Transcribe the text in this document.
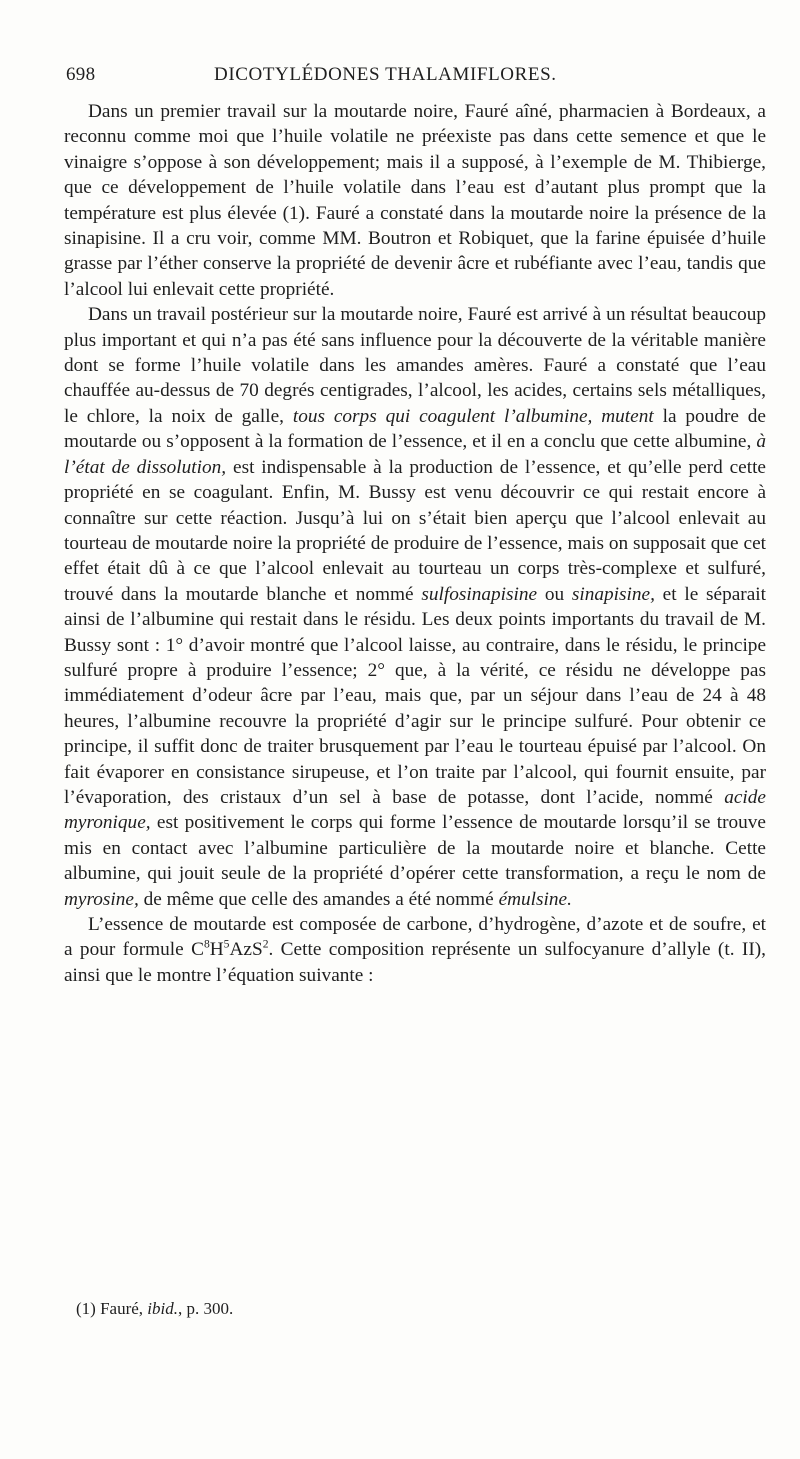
698	DICOTYLÉDONES THALAMIFLORES.

Dans un premier travail sur la moutarde noire, Fauré aîné, pharmacien à Bordeaux, a reconnu comme moi que l’huile volatile ne préexiste pas dans cette semence et que le vinaigre s’oppose à son développement; mais il a supposé, à l’exemple de M. Thibierge, que ce développement de l’huile volatile dans l’eau est d’autant plus prompt que la température est plus élevée (1). Fauré a constaté dans la moutarde noire la présence de la sinapisine. Il a cru voir, comme MM. Boutron et Robiquet, que la farine épuisée d’huile grasse par l’éther conserve la propriété de devenir âcre et rubéfiante avec l’eau, tandis que l’alcool lui enlevait cette propriété.

Dans un travail postérieur sur la moutarde noire, Fauré est arrivé à un résultat beaucoup plus important et qui n’a pas été sans influence pour la découverte de la véritable manière dont se forme l’huile volatile dans les amandes amères. Fauré a constaté que l’eau chauffée au-dessus de 70 degrés centigrades, l’alcool, les acides, certains sels métalliques, le chlore, la noix de galle, tous corps qui coagulent l’albumine, mutent la poudre de moutarde ou s’opposent à la formation de l’essence, et il en a conclu que cette albumine, à l’état de dissolution, est indispensable à la production de l’essence, et qu’elle perd cette propriété en se coagulant. Enfin, M. Bussy est venu découvrir ce qui restait encore à connaître sur cette réaction. Jusqu’à lui on s’était bien aperçu que l’alcool enlevait au tourteau de moutarde noire la propriété de produire de l’essence, mais on supposait que cet effet était dû à ce que l’alcool enlevait au tourteau un corps très-complexe et sulfuré, trouvé dans la moutarde blanche et nommé sulfosinapisine ou sinapisine, et le séparait ainsi de l’albumine qui restait dans le résidu. Les deux points importants du travail de M. Bussy sont : 1° d’avoir montré que l’alcool laisse, au contraire, dans le résidu, le principe sulfuré propre à produire l’essence; 2° que, à la vérité, ce résidu ne développe pas immédiatement d’odeur âcre par l’eau, mais que, par un séjour dans l’eau de 24 à 48 heures, l’albumine recouvre la propriété d’agir sur le principe sulfuré. Pour obtenir ce principe, il suffit donc de traiter brusquement par l’eau le tourteau épuisé par l’alcool. On fait évaporer en consistance sirupeuse, et l’on traite par l’alcool, qui fournit ensuite, par l’évaporation, des cristaux d’un sel à base de potasse, dont l’acide, nommé acide myronique, est positivement le corps qui forme l’essence de moutarde lorsqu’il se trouve mis en contact avec l’albumine particulière de la moutarde noire et blanche. Cette albumine, qui jouit seule de la propriété d’opérer cette transformation, a reçu le nom de myrosine, de même que celle des amandes a été nommé émulsine.

L’essence de moutarde est composée de carbone, d’hydrogène, d’azote et de soufre, et a pour formule $C^8H^5AzS^2$. Cette composition représente un sulfocyanure d’allyle (t. II), ainsi que le montre l’équation suivante :

(1) Fauré, ibid., p. 300.
